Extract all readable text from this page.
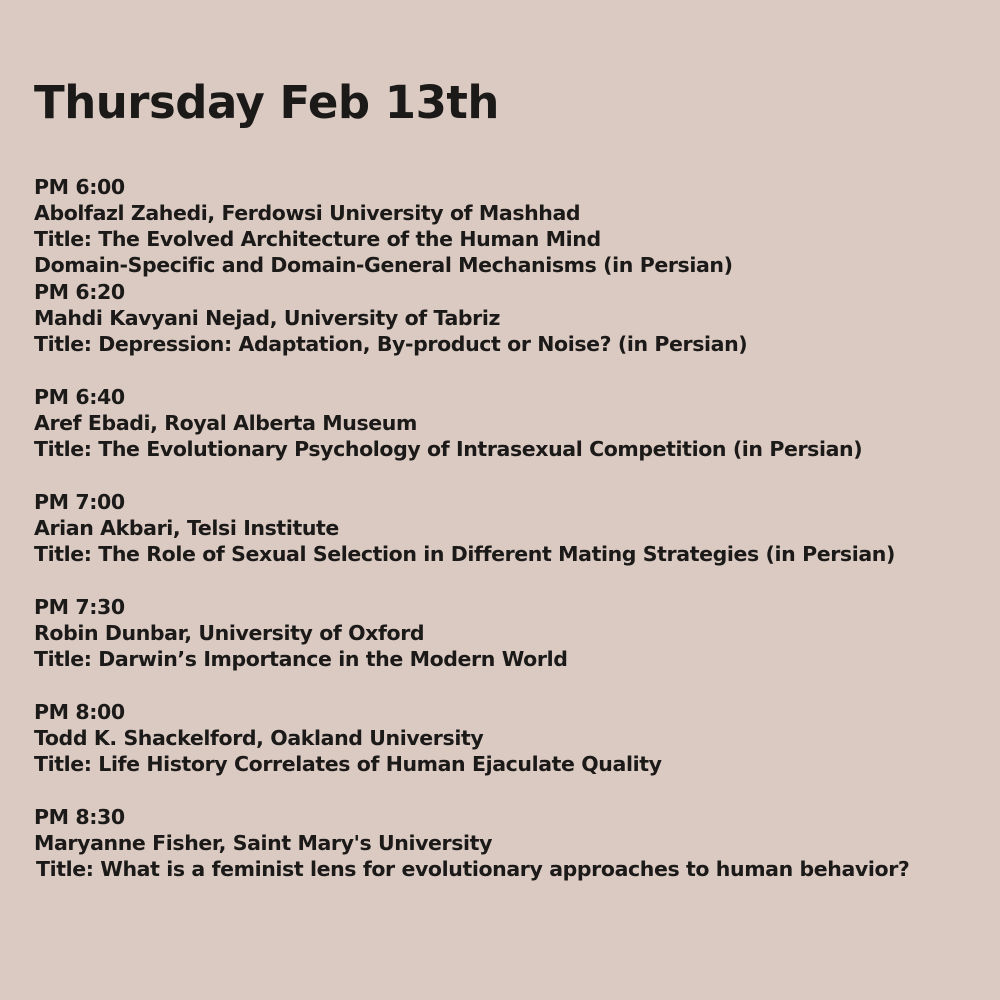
Thursday Feb 13th
PM 6:00
Abolfazl Zahedi, Ferdowsi University of Mashhad
Title: The Evolved Architecture of the Human Mind
Domain-Specific and Domain-General Mechanisms (in Persian)
PM 6:20
Mahdi Kavyani Nejad, University of Tabriz
Title: Depression: Adaptation, By-product or Noise? (in Persian)
PM 6:40
Aref Ebadi, Royal Alberta Museum
Title: The Evolutionary Psychology of Intrasexual Competition (in Persian)
PM 7:00
Arian Akbari, Telsi Institute
Title: The Role of Sexual Selection in Different Mating Strategies (in Persian)
PM 7:30
Robin Dunbar, University of Oxford
Title: Darwin’s Importance in the Modern World
PM 8:00
Todd K. Shackelford, Oakland University
Title: Life History Correlates of Human Ejaculate Quality
PM 8:30
Maryanne Fisher, Saint Mary's University
Title: What is a feminist lens for evolutionary approaches to human behavior?
